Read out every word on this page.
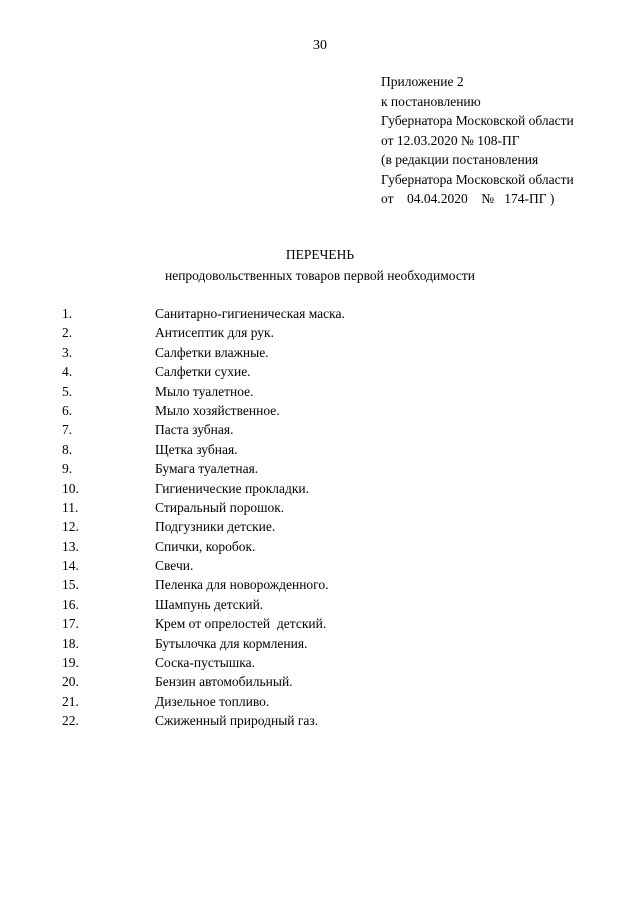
30
Приложение 2
к постановлению
Губернатора Московской области
от 12.03.2020 № 108-ПГ
(в редакции постановления
Губернатора Московской области
от    04.04.2020    №   174-ПГ )
ПЕРЕЧЕНЬ
непродовольственных товаров первой необходимости
1.	Санитарно-гигиеническая маска.
2.	Антисептик для рук.
3.	Салфетки влажные.
4.	Салфетки сухие.
5.	Мыло туалетное.
6.	Мыло хозяйственное.
7.	Паста зубная.
8.	Щетка зубная.
9.	Бумага туалетная.
10.	Гигиенические прокладки.
11.	Стиральный порошок.
12.	Подгузники детские.
13.	Спички, коробок.
14.	Свечи.
15.	Пеленка для новорожденного.
16.	Шампунь детский.
17.	Крем от опрелостей  детский.
18.	Бутылочка для кормления.
19.	Соска-пустышка.
20.	Бензин автомобильный.
21.	Дизельное топливо.
22.	Сжиженный природный газ.
